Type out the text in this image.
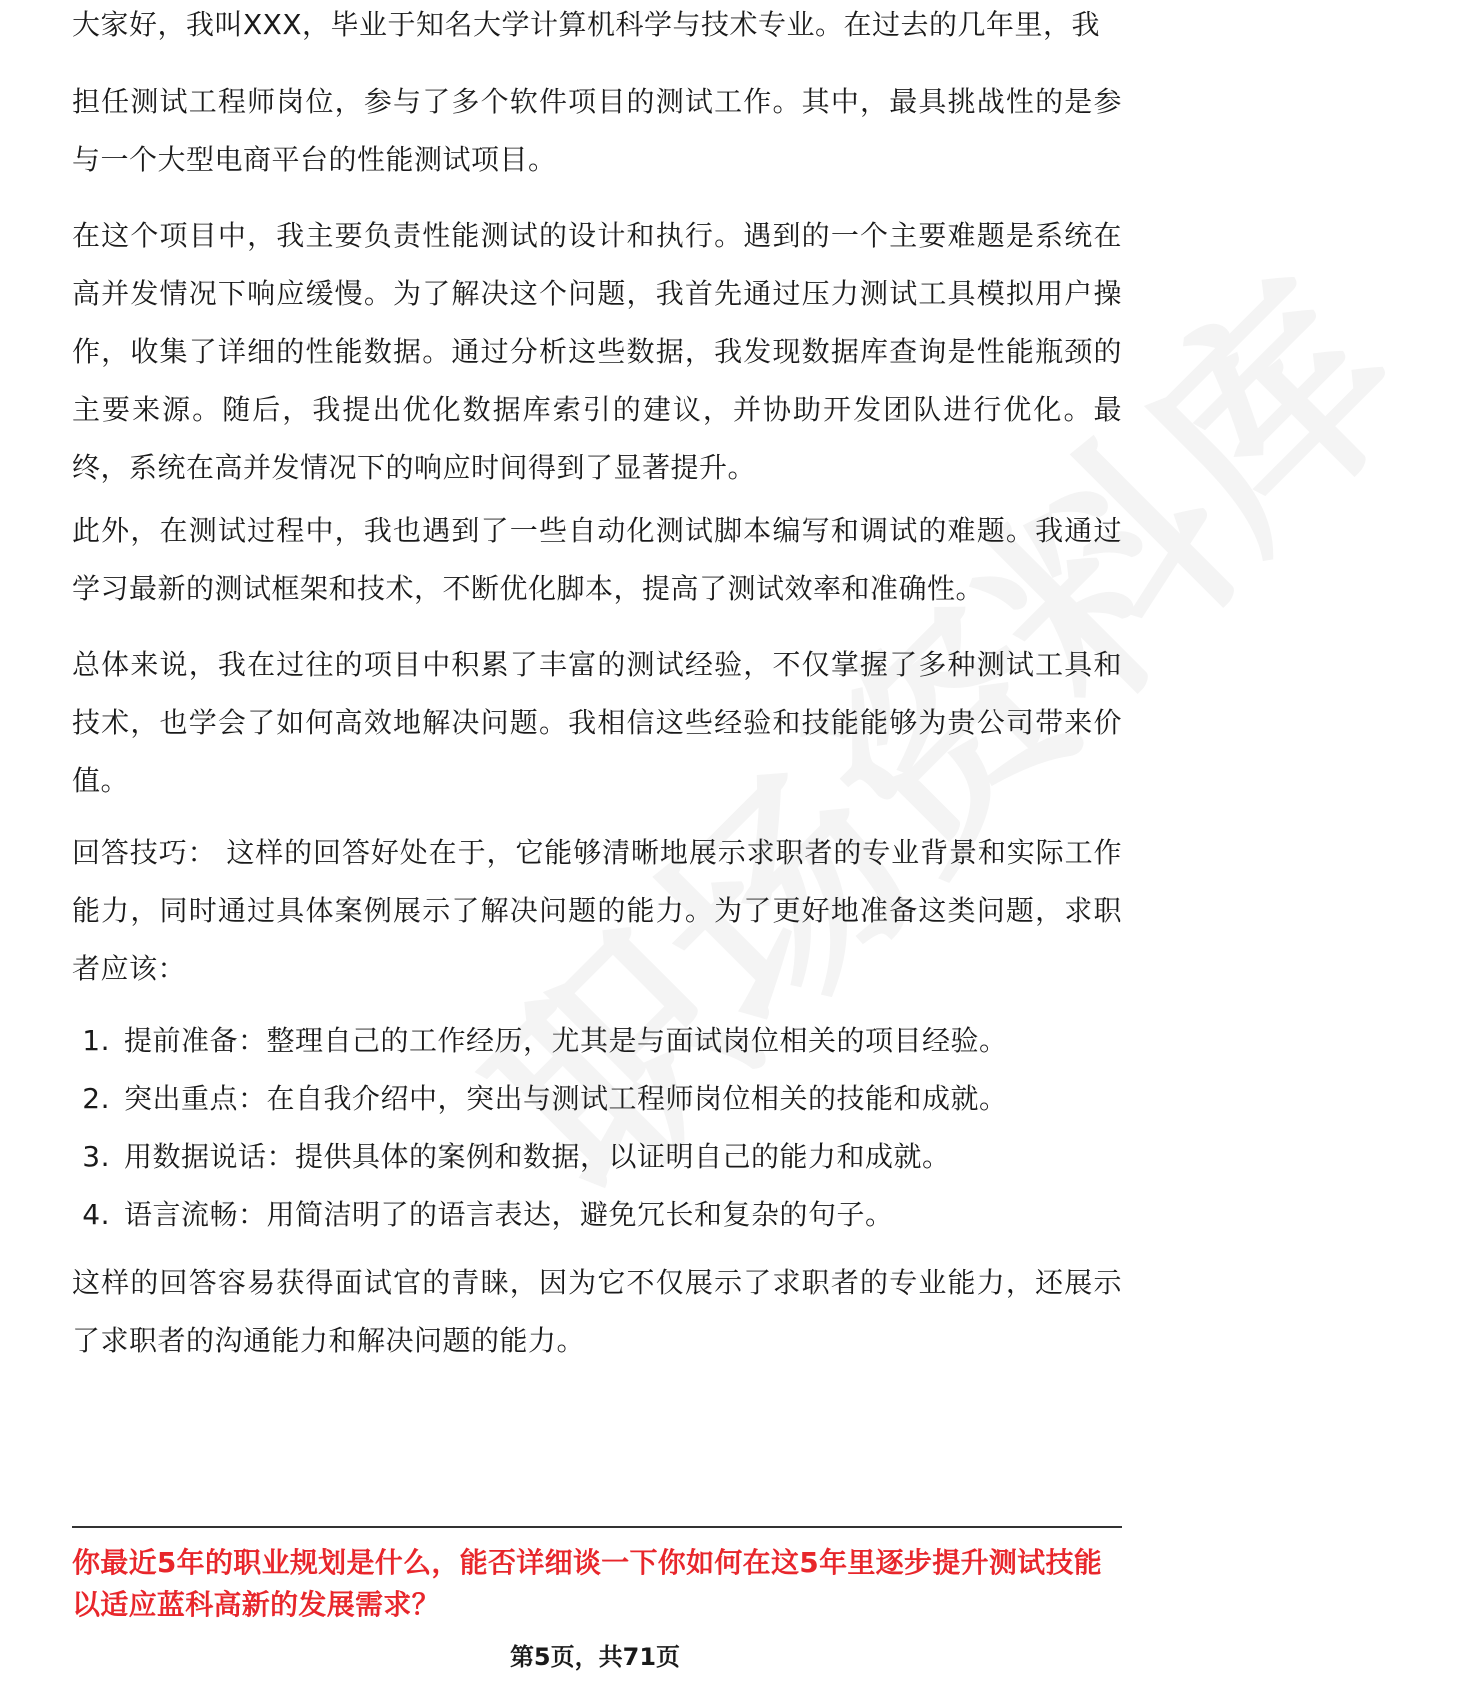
大家好，我叫XXX，毕业于知名大学计算机科学与技术专业。在过去的几年里，我

担任测试工程师岗位，参与了多个软件项目的测试工作。其中，最具挑战性的是参与一个大型电商平台的性能测试项目。

在这个项目中，我主要负责性能测试的设计和执行。遇到的一个主要难题是系统在高并发情况下响应缓慢。为了解决这个问题，我首先通过压力测试工具模拟用户操作，收集了详细的性能数据。通过分析这些数据，我发现数据库查询是性能瓶颈的主要来源。随后，我提出优化数据库索引的建议，并协助开发团队进行优化。最终，系统在高并发情况下的响应时间得到了显著提升。

此外，在测试过程中，我也遇到了一些自动化测试脚本编写和调试的难题。我通过学习最新的测试框架和技术，不断优化脚本，提高了测试效率和准确性。

总体来说，我在过往的项目中积累了丰富的测试经验，不仅掌握了多种测试工具和技术，也学会了如何高效地解决问题。我相信这些经验和技能能够为贵公司带来价值。

回答技巧： 这样的回答好处在于，它能够清晰地展示求职者的专业背景和实际工作能力，同时通过具体案例展示了解决问题的能力。为了更好地准备这类问题，求职者应该：

1. 提前准备：整理自己的工作经历，尤其是与面试岗位相关的项目经验。
2. 突出重点：在自我介绍中，突出与测试工程师岗位相关的技能和成就。
3. 用数据说话：提供具体的案例和数据，以证明自己的能力和成就。
4. 语言流畅：用简洁明了的语言表达，避免冗长和复杂的句子。

这样的回答容易获得面试官的青睐，因为它不仅展示了求职者的专业能力，还展示了求职者的沟通能力和解决问题的能力。

你最近5年的职业规划是什么，能否详细谈一下你如何在这5年里逐步提升测试技能以适应蓝科高新的发展需求？

第5页，共71页
